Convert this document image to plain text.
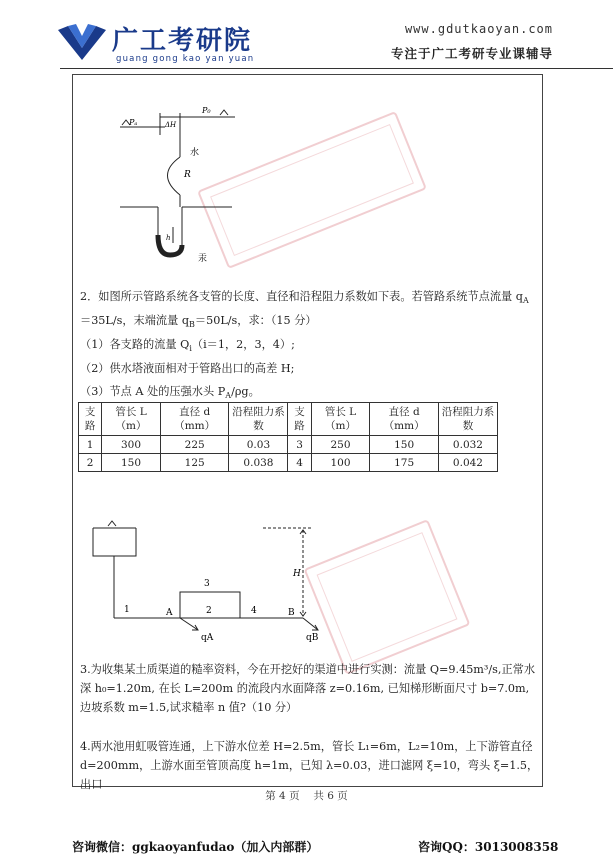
广工考研院
guang gong kao yan yuan
www.gdutkaoyan.com
专注于广工考研专业课辅导
Pₐ
P₀
ΔH
水
R
h
汞
2．如图所示管路系统各支管的长度、直径和沿程阻力系数如下表。若管路系统节点流量 $q_A$
＝35L/s，末端流量 $q_B=50L/s$，求：（15 分）
（1）各支路的流量 $Q_i(i=1$，2，3，4）;
（2）供水塔液面相对于管路出口的高差 H;
（3）节点 A 处的压强水头 $P_A/\rho g$。
支路	管长 L（m）	直径 d（mm）	沿程阻力系数	支路	管长 L（m）	直径 d（mm）	沿程阻力系数
1	300	225	0.03	3	250	150	0.032
2	150	125	0.038	4	100	175	0.042
3
1	A	2	4	B
H
qA	qB
3.为收集某土质渠道的糙率资料，今在开挖好的渠道中进行实测：流量 Q=9.45m³/s,正常水深 h₀=1.20m, 在长 L=200m 的流段内水面降落 z=0.16m, 已知梯形断面尺寸 b=7.0m,边坡系数 m=1.5,试求糙率 n 值?（10 分）
4.两水池用虹吸管连通，上下游水位差 H=2.5m，管长 L₁=6m，L₂=10m，上下游管直径 d=200mm，上游水面至管顶高度 h=1m，已知 λ=0.03，进口滤网 ξ=10，弯头 ξ=1.5，出口
第 4 页　 共 6 页
咨询微信：ggkaoyanfudao（加入内部群）	咨询QQ：3013008358
